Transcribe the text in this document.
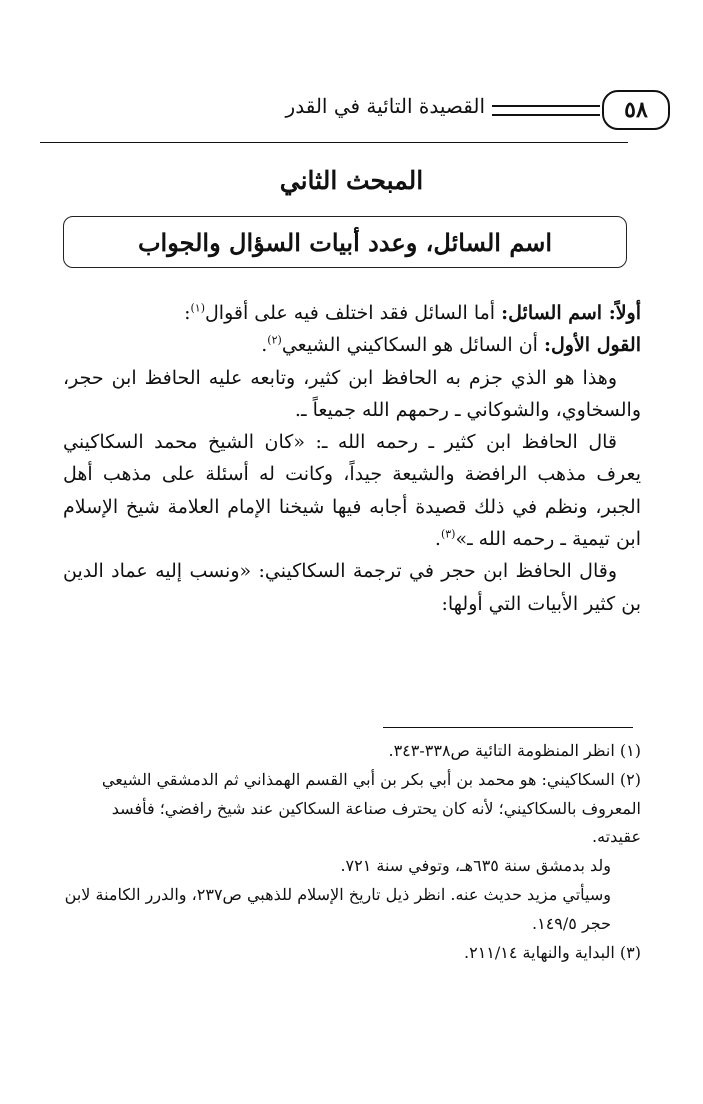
٥٨
القصيدة التائية في القدر
المبحث الثاني
اسم السائل، وعدد أبيات السؤال والجواب

أولاً: اسم السائل: أما السائل فقد اختلف فيه على أقوال$^{(١)}$:

القول الأول: أن السائل هو السكاكيني الشيعي$^{(٢)}$.

وهذا هو الذي جزم به الحافظ ابن كثير، وتابعه عليه الحافظ ابن حجر، والسخاوي، والشوكاني ـ رحمهم الله جميعاً ـ.

قال الحافظ ابن كثير ـ رحمه الله ـ: «كان الشيخ محمد السكاكيني يعرف مذهب الرافضة والشيعة جيداً، وكانت له أسئلة على مذهب أهل الجبر، ونظم في ذلك قصيدة أجابه فيها شيخنا الإمام العلامة شيخ الإسلام ابن تيمية ـ رحمه الله ـ»$^{(٣)}$.

وقال الحافظ ابن حجر في ترجمة السكاكيني: «ونسب إليه عماد الدين بن كثير الأبيات التي أولها:

(١) انظر المنظومة التائية ص٣٣٨-٣٤٣.
(٢) السكاكيني: هو محمد بن أبي بكر بن أبي القسم الهمذاني ثم الدمشقي الشيعي المعروف بالسكاكيني؛ لأنه كان يحترف صناعة السكاكين عند شيخ رافضي؛ فأفسد عقيدته.
ولد بدمشق سنة ٦٣٥هـ، وتوفي سنة ٧٢١.
وسيأتي مزيد حديث عنه. انظر ذيل تاريخ الإسلام للذهبي ص٢٣٧، والدرر الكامنة لابن حجر ١٤٩/٥.
(٣) البداية والنهاية ٢١١/١٤.
